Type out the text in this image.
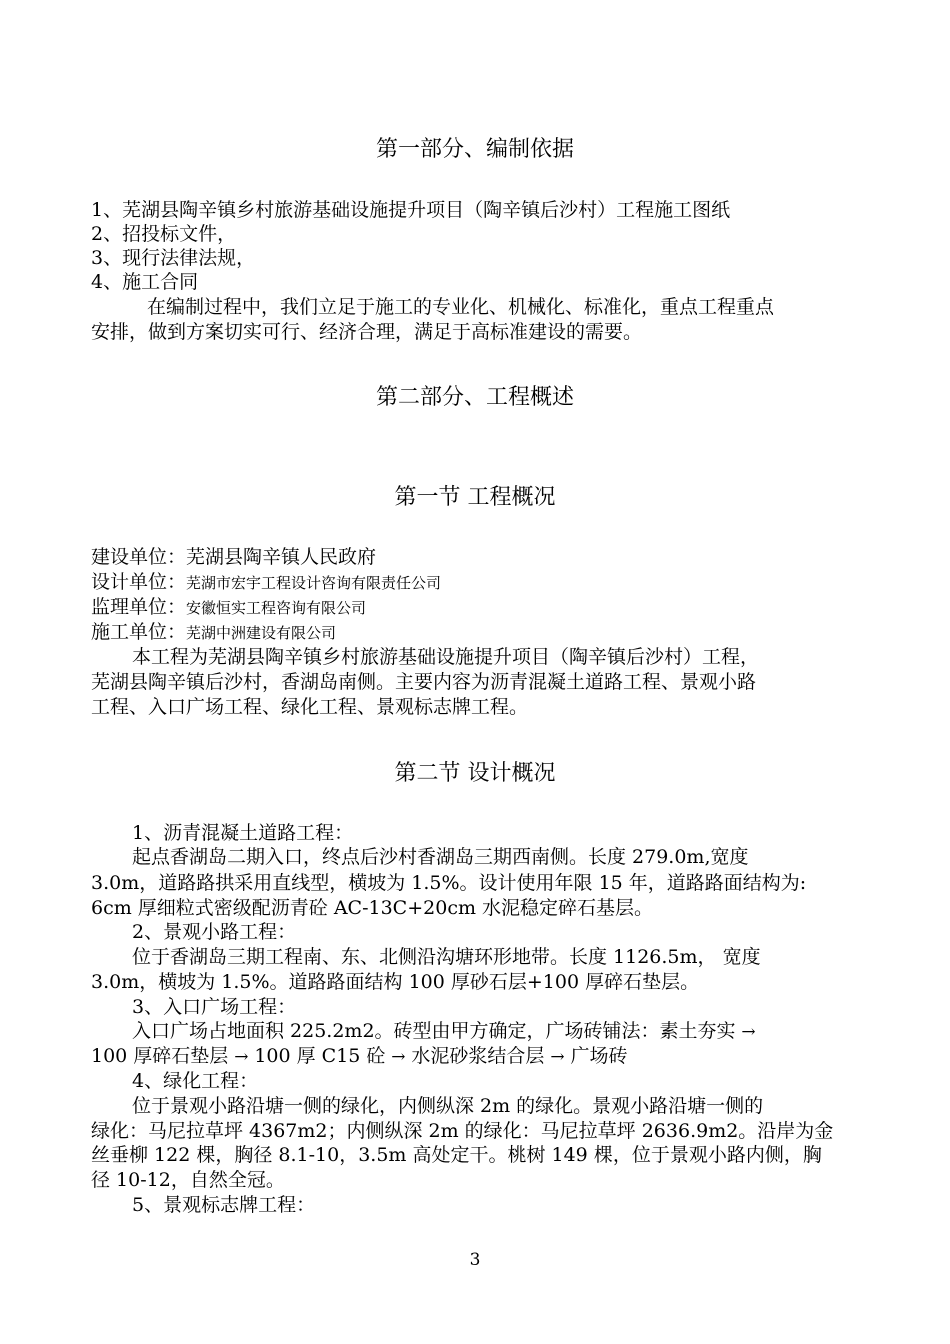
第一部分、编制依据
1、芜湖县陶辛镇乡村旅游基础设施提升项目（陶辛镇后沙村）工程施工图纸
2、招投标文件，
3、现行法律法规，
4、施工合同
在编制过程中，我们立足于施工的专业化、机械化、标准化，重点工程重点
安排，做到方案切实可行、经济合理，满足于高标准建设的需要。
第二部分、工程概述
第一节 工程概况
建设单位：芜湖县陶辛镇人民政府
设计单位：芜湖市宏宇工程设计咨询有限责任公司
监理单位：安徽恒实工程咨询有限公司
施工单位：芜湖中洲建设有限公司
本工程为芜湖县陶辛镇乡村旅游基础设施提升项目（陶辛镇后沙村）工程，
芜湖县陶辛镇后沙村，香湖岛南侧。主要内容为沥青混凝土道路工程、景观小路
工程、入口广场工程、绿化工程、景观标志牌工程。
第二节 设计概况
1、沥青混凝土道路工程：
起点香湖岛二期入口，终点后沙村香湖岛三期西南侧。长度 279.0m,宽度
3.0m，道路路拱采用直线型，横坡为 1.5%。设计使用年限 15 年，道路路面结构为:
6cm 厚细粒式密级配沥青砼 AC-13C+20cm 水泥稳定碎石基层。
2、景观小路工程：
位于香湖岛三期工程南、东、北侧沿沟塘环形地带。长度 1126.5m， 宽度
3.0m，横坡为 1.5%。道路路面结构 100 厚砂石层+100 厚碎石垫层。
3、入口广场工程：
入口广场占地面积 225.2m2。砖型由甲方确定，广场砖铺法：素土夯实 →
100 厚碎石垫层 → 100 厚 C15 砼 → 水泥砂浆结合层 → 广场砖
4、绿化工程：
位于景观小路沿塘一侧的绿化，内侧纵深 2m 的绿化。景观小路沿塘一侧的
绿化：马尼拉草坪 4367m2；内侧纵深 2m 的绿化：马尼拉草坪 2636.9m2。沿岸为金
丝垂柳 122 棵，胸径 8.1-10，3.5m 高处定干。桃树 149 棵，位于景观小路内侧，胸
径 10-12，自然全冠。
5、景观标志牌工程：
3
